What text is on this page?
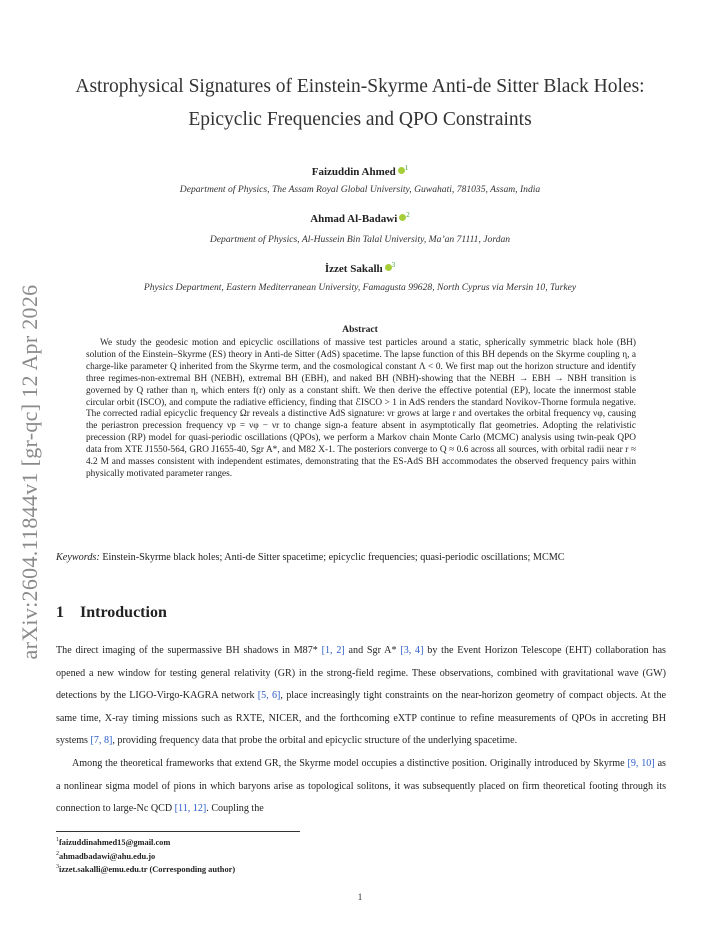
arXiv:2604.11844v1 [gr-qc] 12 Apr 2026
Astrophysical Signatures of Einstein-Skyrme Anti-de Sitter Black Holes:
Epicyclic Frequencies and QPO Constraints
Faizuddin Ahmed $^1$
Department of Physics, The Assam Royal Global University, Guwahati, 781035, Assam, India
Ahmad Al-Badawi $^2$
Department of Physics, Al-Hussein Bin Talal University, Ma’an 71111, Jordan
İzzet Sakallı $^3$
Physics Department, Eastern Mediterranean University, Famagusta 99628, North Cyprus via Mersin 10, Turkey
Abstract
We study the geodesic motion and epicyclic oscillations of massive test particles around a static, spherically symmetric black hole (BH) solution of the Einstein–Skyrme (ES) theory in Anti-de Sitter (AdS) spacetime. The lapse function of this BH depends on the Skyrme coupling η, a charge-like parameter Q inherited from the Skyrme term, and the cosmological constant Λ < 0. We first map out the horizon structure and identify three regimes-non-extremal BH (NEBH), extremal BH (EBH), and naked BH (NBH)-showing that the NEBH → EBH → NBH transition is governed by Q rather than η, which enters f(r) only as a constant shift. We then derive the effective potential (EP), locate the innermost stable circular orbit (ISCO), and compute the radiative efficiency, finding that ℰISCO > 1 in AdS renders the standard Novikov-Thorne formula negative. The corrected radial epicyclic frequency Ωr reveals a distinctive AdS signature: νr grows at large r and overtakes the orbital frequency νφ, causing the periastron precession frequency νp = νφ − νr to change sign-a feature absent in asymptotically flat geometries. Adopting the relativistic precession (RP) model for quasi-periodic oscillations (QPOs), we perform a Markov chain Monte Carlo (MCMC) analysis using twin-peak QPO data from XTE J1550-564, GRO J1655-40, Sgr A*, and M82 X-1. The posteriors converge to Q ≈ 0.6 across all sources, with orbital radii near r ≈ 4.2 M and masses consistent with independent estimates, demonstrating that the ES-AdS BH accommodates the observed frequency pairs within physically motivated parameter ranges.
Keywords: Einstein-Skyrme black holes; Anti-de Sitter spacetime; epicyclic frequencies; quasi-periodic oscillations; MCMC
1 Introduction

The direct imaging of the supermassive BH shadows in M87* [1, 2] and Sgr A* [3, 4] by the Event Horizon Telescope (EHT) collaboration has opened a new window for testing general relativity (GR) in the strong-field regime. These observations, combined with gravitational wave (GW) detections by the LIGO-Virgo-KAGRA network [5, 6], place increasingly tight constraints on the near-horizon geometry of compact objects. At the same time, X-ray timing missions such as RXTE, NICER, and the forthcoming eXTP continue to refine measurements of QPOs in accreting BH systems [7, 8], providing frequency data that probe the orbital and epicyclic structure of the underlying spacetime.

Among the theoretical frameworks that extend GR, the Skyrme model occupies a distinctive position. Originally introduced by Skyrme [9, 10] as a nonlinear sigma model of pions in which baryons arise as topological solitons, it was subsequently placed on firm theoretical footing through its connection to large-Nc QCD [11, 12]. Coupling the

$^1$faizuddinahmed15@gmail.com
$^2$ahmadbadawi@ahu.edu.jo
$^3$izzet.sakalli@emu.edu.tr (Corresponding author)
1
